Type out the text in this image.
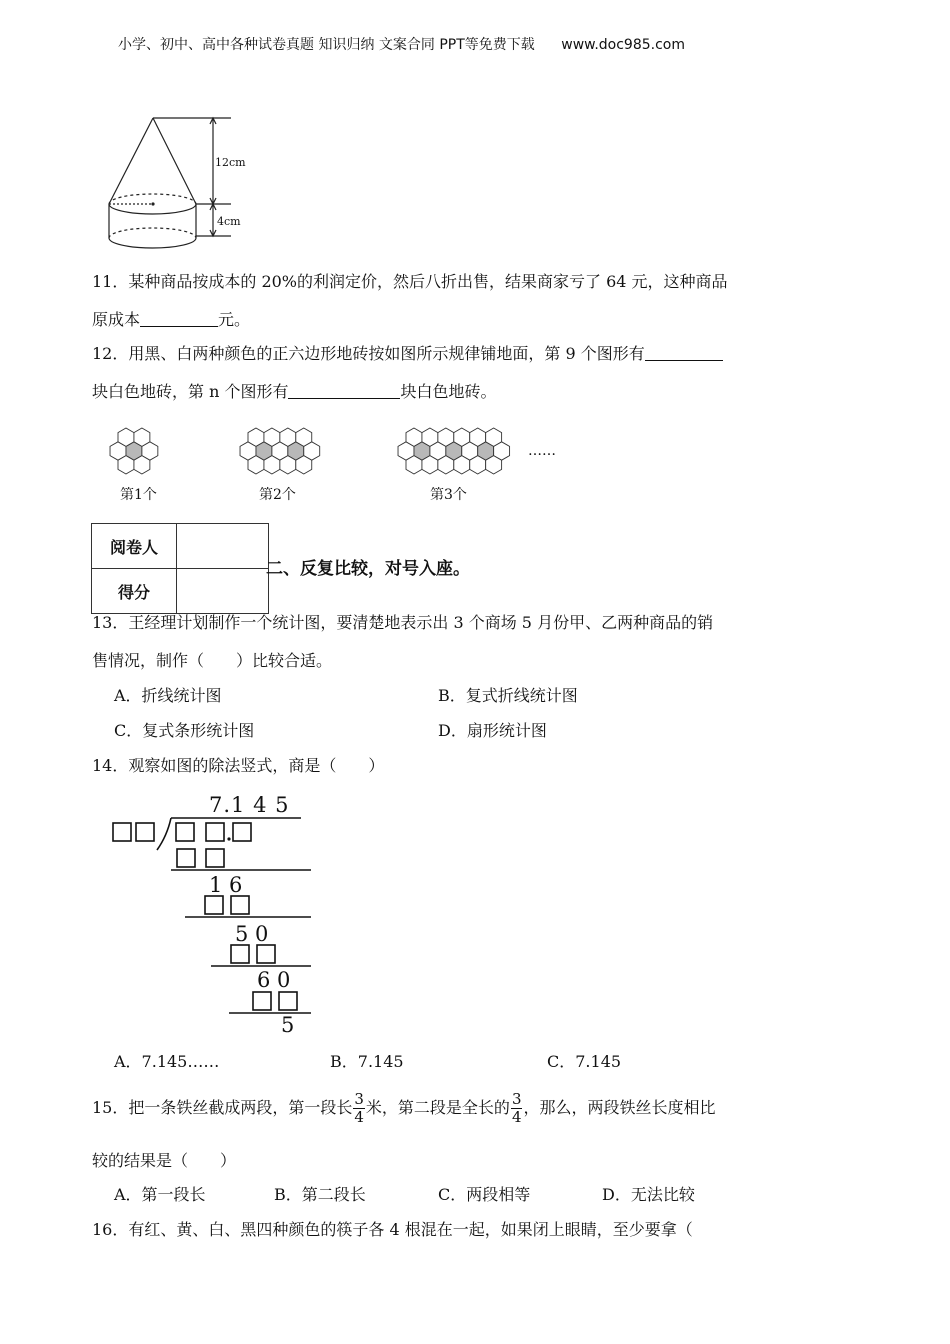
小学、初中、高中各种试卷真题 知识归纳 文案合同 PPT等免费下载 www.doc985.com
12cm
4cm
11．某种商品按成本的 20%的利润定价，然后八折出售，结果商家亏了 64 元，这种商品
原成本	元。
12．用黑、白两种颜色的正六边形地砖按如图所示规律铺地面，第 9 个图形有
块白色地砖，第 n 个图形有	块白色地砖。
第1个	第2个	第3个
……
阅卷人	
得分	
二、反复比较，对号入座。
13．王经理计划制作一个统计图，要清楚地表示出 3 个商场 5 月份甲、乙两种商品的销
售情况，制作（　　）比较合适。
A．折线统计图	B．复式折线统计图
C．复式条形统计图	D．扇形统计图
14．观察如图的除法竖式，商是（　　）
7.1 4 5
1 6
5 0
6 0
5
A．7.145……	B．7.145	C．7.145
15．把一条铁丝截成两段，第一段长 $\frac{3}{4}$ 米，第二段是全长的 $\frac{3}{4}$ ，那么，两段铁丝长度相比
较的结果是（　　）
A．第一段长	B．第二段长	C．两段相等	D．无法比较
16．有红、黄、白、黑四种颜色的筷子各 4 根混在一起，如果闭上眼睛，至少要拿（
